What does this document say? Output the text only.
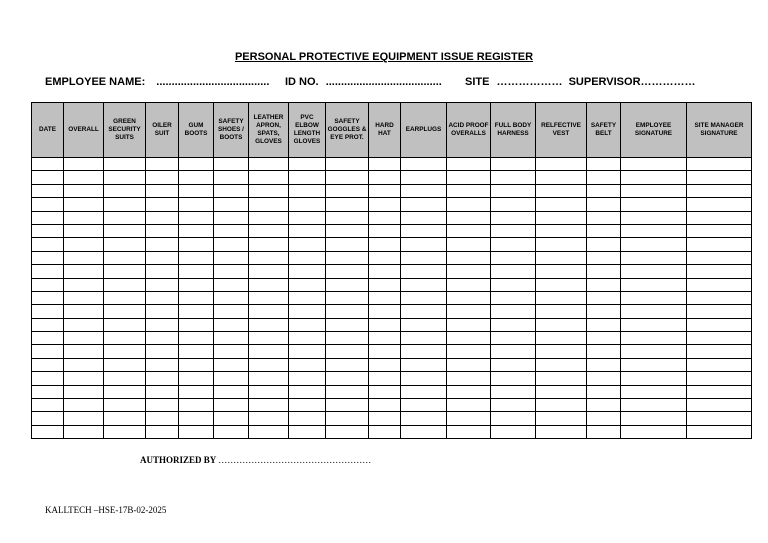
PERSONAL PROTECTIVE EQUIPMENT ISSUE REGISTER
EMPLOYEE NAME: ..................................... ID NO. ...................................... SITE ……………… SUPERVISOR……………
DATE	OVERALL	GREEN SECURITY SUITS	OILER SUIT	GUM BOOTS	SAFETY SHOES / BOOTS	LEATHER APRON, SPATS, GLOVES	PVC ELBOW LENGTH GLOVES	SAFETY GOGGLES & EYE PROT.	HARD HAT	EARPLUGS	ACID PROOF OVERALLS	FULL BODY HARNESS	RELFECTIVE VEST	SAFETY BELT	EMPLOYEE SIGNATURE	SITE MANAGER SIGNATURE

AUTHORIZED BY ……………………………………………
KALLTECH –HSE-17B-02-2025
